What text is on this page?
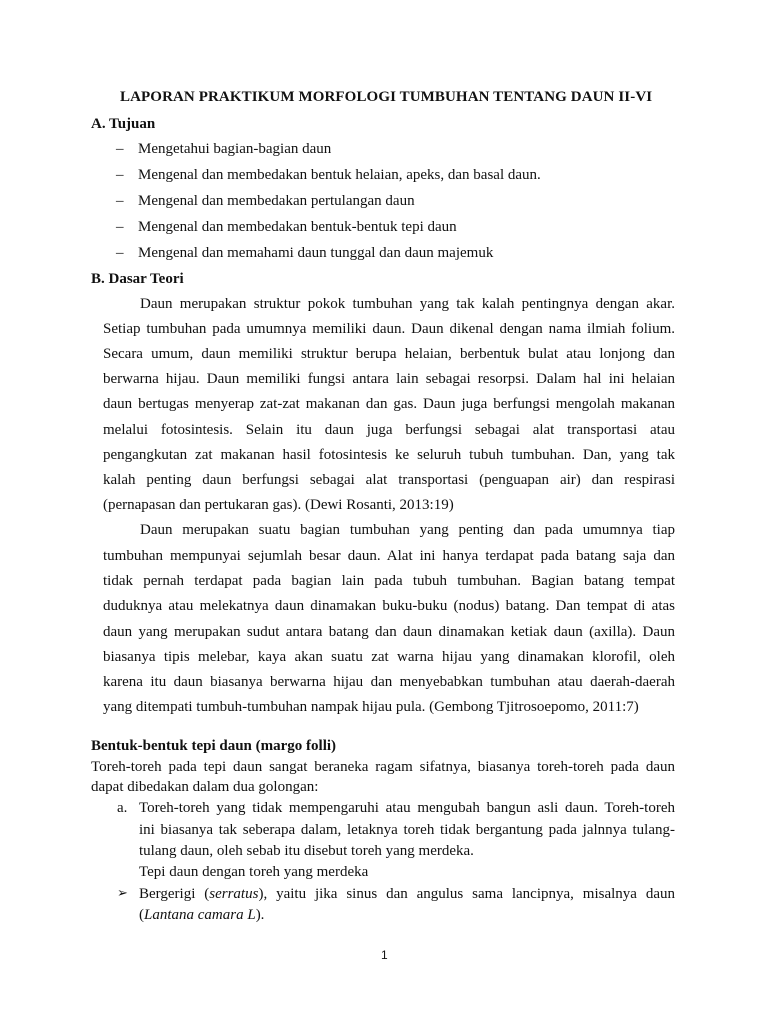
LAPORAN PRAKTIKUM MORFOLOGI TUMBUHAN TENTANG DAUN II-VI
A. Tujuan
– Mengetahui bagian-bagian daun
– Mengenal dan membedakan bentuk helaian, apeks, dan basal daun.
– Mengenal dan membedakan pertulangan daun
– Mengenal dan membedakan bentuk-bentuk tepi daun
– Mengenal dan memahami daun tunggal dan daun majemuk
B. Dasar Teori
Daun merupakan struktur pokok tumbuhan yang tak kalah pentingnya dengan akar.
Setiap tumbuhan pada umumnya memiliki daun. Daun dikenal dengan nama ilmiah folium.
Secara umum, daun memiliki struktur berupa helaian, berbentuk bulat atau lonjong dan
berwarna hijau. Daun memiliki fungsi antara lain sebagai resorpsi. Dalam hal ini helaian
daun bertugas menyerap zat-zat makanan dan gas. Daun juga berfungsi mengolah makanan
melalui fotosintesis. Selain itu daun juga berfungsi sebagai alat transportasi atau
pengangkutan zat makanan hasil fotosintesis ke seluruh tubuh tumbuhan. Dan, yang tak
kalah penting daun berfungsi sebagai alat transportasi (penguapan air) dan respirasi
(pernapasan dan pertukaran gas). (Dewi Rosanti, 2013:19)
Daun merupakan suatu bagian tumbuhan yang penting dan pada umumnya tiap
tumbuhan mempunyai sejumlah besar daun. Alat ini hanya terdapat pada batang saja dan
tidak pernah terdapat pada bagian lain pada tubuh tumbuhan. Bagian batang tempat
duduknya atau melekatnya daun dinamakan buku-buku (nodus) batang. Dan tempat di atas
daun yang merupakan sudut antara batang dan daun dinamakan ketiak daun (axilla). Daun
biasanya tipis melebar, kaya akan suatu zat warna hijau yang dinamakan klorofil, oleh
karena itu daun biasanya berwarna hijau dan menyebabkan tumbuhan atau daerah-daerah
yang ditempati tumbuh-tumbuhan nampak hijau pula. (Gembong Tjitrosoepomo, 2011:7)
Bentuk-bentuk tepi daun (margo folli)
Toreh-toreh pada tepi daun sangat beraneka ragam sifatnya, biasanya toreh-toreh pada daun
dapat dibedakan dalam dua golongan:
a. Toreh-toreh yang tidak mempengaruhi atau mengubah bangun asli daun. Toreh-toreh
ini biasanya tak seberapa dalam, letaknya toreh tidak bergantung pada jalnnya tulang-
tulang daun, oleh sebab itu disebut toreh yang merdeka.
Tepi daun dengan toreh yang merdeka
➢ Bergerigi (serratus), yaitu jika sinus dan angulus sama lancipnya, misalnya daun
(Lantana camara L).
1
